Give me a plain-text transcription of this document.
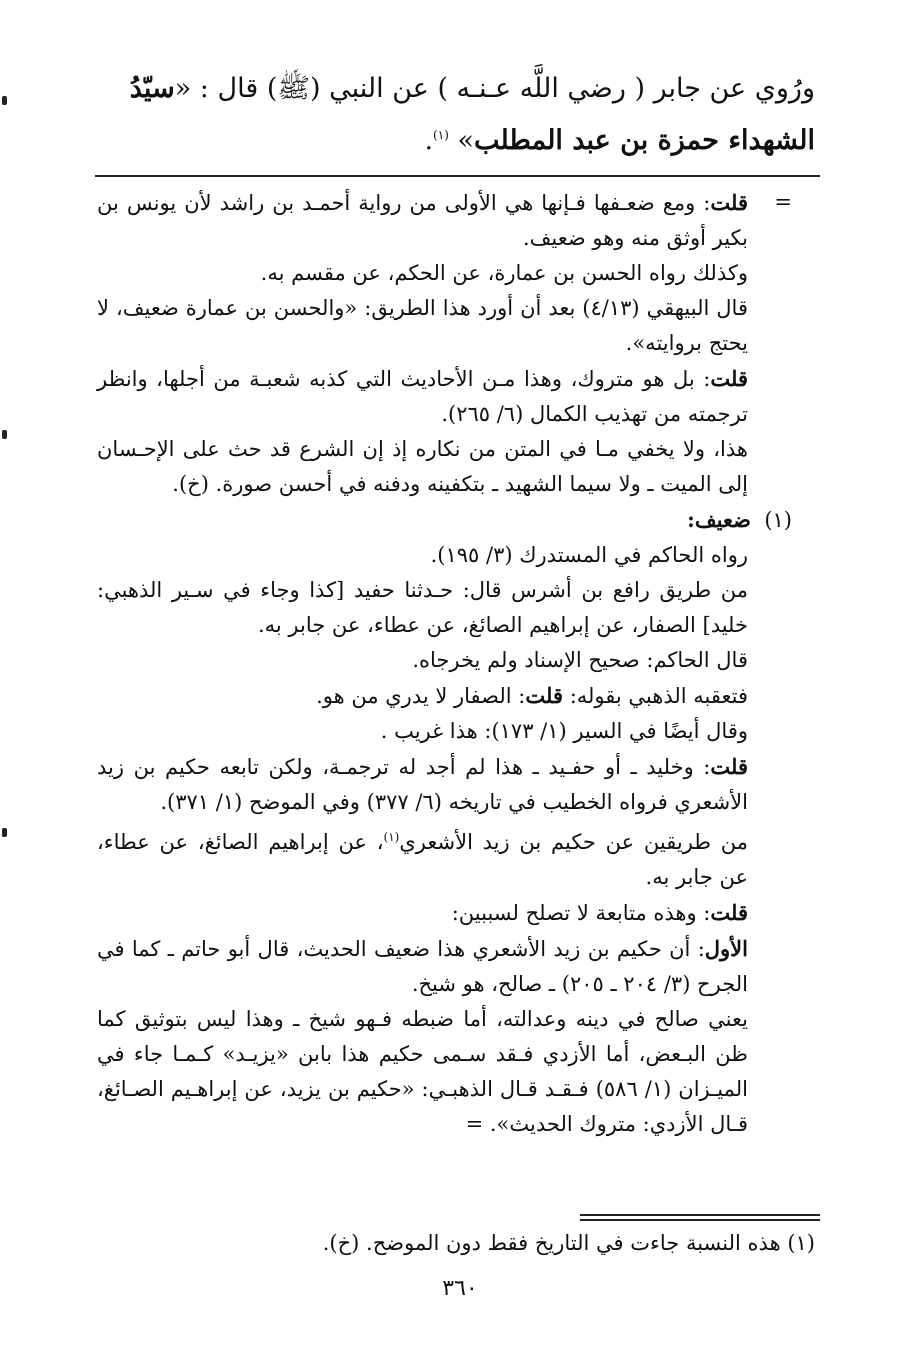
ورُوي عن جابر ( رضي اللَّه عـنـه ) عن النبي (ﷺ) قال : «سيّدُ
الشهداء حمزة بن عبد المطلب» $^{(١)}$.

=
قلت: ومع ضعـفها فـإنها هي الأولى من رواية أحمـد بن راشد لأن يونس بن بكير أوثق منه وهو ضعيف.

وكذلك رواه الحسن بن عمارة، عن الحكم، عن مقسم به.

قال البيهقي (٤/١٣) بعد أن أورد هذا الطريق: «والحسن بن عمارة ضعيف، لا يحتج بروايته».

قلت: بل هو متروك، وهذا مـن الأحاديث التي كذبه شعبـة من أجلها، وانظر ترجمته من تهذيب الكمال (٦/ ٢٦٥).

هذا، ولا يخفي مـا في المتن من نكاره إذ إن الشرع قد حث على الإحـسان إلى الميت ـ ولا سيما الشهيد ـ بتكفينه ودفنه في أحسن صورة. (خ).

(١)  ضعيف:

رواه الحاكم في المستدرك (٣/ ١٩٥).

من طريق رافع بن أشرس قال: حـدثنا حفيد [كذا وجاء في سـير الذهبي: خليد] الصفار، عن إبراهيم الصائغ، عن عطاء، عن جابر به.

قال الحاكم: صحيح الإسناد ولم يخرجاه.

فتعقبه الذهبي بقوله: قلت: الصفار لا يدري من هو.

وقال أيضًا في السير (١/ ١٧٣): هذا غريب .

قلت: وخليد ـ أو حفـيد ـ هذا لم أجد له ترجمـة، ولكن تابعه حكيم بن زيد الأشعري فرواه الخطيب في تاريخه (٦/ ٣٧٧) وفي الموضح (١/ ٣٧١).

من طريقين عن حكيم بن زيد الأشعري$^{(١)}$، عن إبراهيم الصائغ، عن عطاء، عن جابر به.

قلت: وهذه متابعة لا تصلح لسببين:

الأول: أن حكيم بن زيد الأشعري هذا ضعيف الحديث، قال أبو حاتم ـ كما في الجرح (٣/ ٢٠٤ ـ ٢٠٥) ـ صالح، هو شيخ.

يعني صالح في دينه وعدالته، أما ضبطه فـهو شيخ ـ وهذا ليس بتوثيق كما ظن البـعض، أما الأزدي فـقد سـمى حكيم هذا بابن «يزيـد» كـمـا جاء في الميـزان (١/ ٥٨٦) فـقـد قـال الذهبـي: «حكيم بن يزيد، عن إبراهـيم الصـائغ، قـال الأزدي: متروك الحديث». =

(١) هذه النسبة جاءت في التاريخ فقط دون الموضح. (خ).
٣٦٠
